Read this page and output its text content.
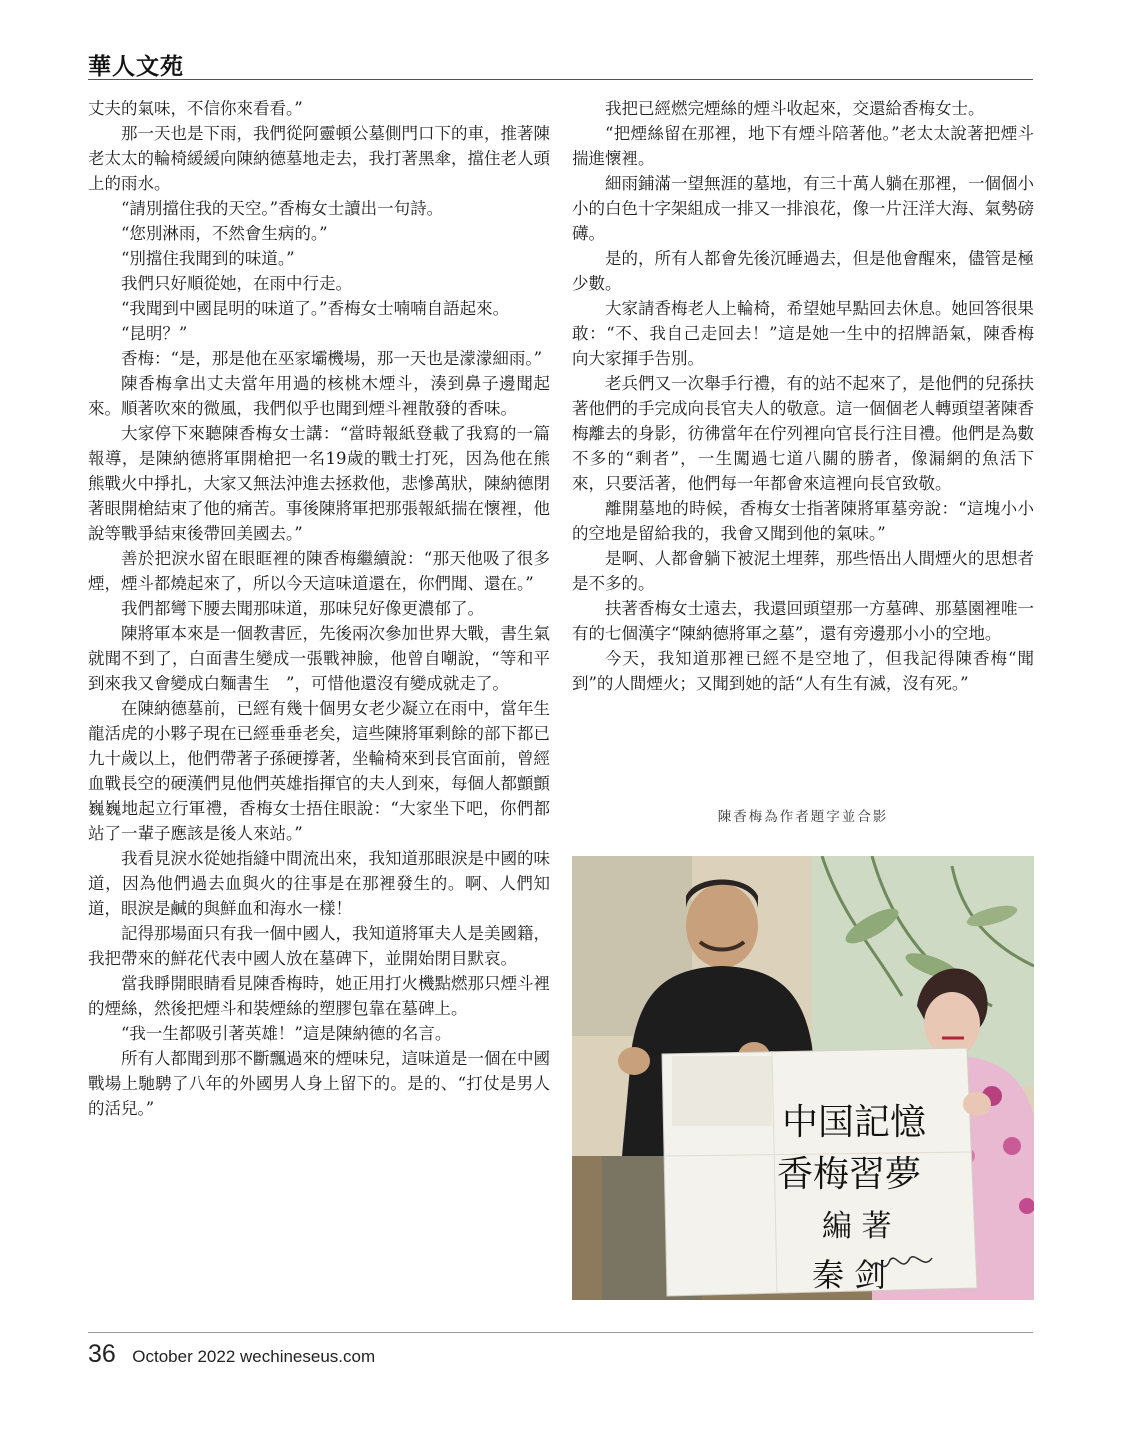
華人文苑

丈夫的氣味，不信你來看看。”

那一天也是下雨，我們從阿靈頓公墓側門口下的車，推著陳老太太的輪椅緩緩向陳納德墓地走去，我打著黑傘，擋住老人頭上的雨水。

“請別擋住我的天空。”香梅女士讀出一句詩。

“您別淋雨，不然會生病的。”

“別擋住我聞到的味道。”

我們只好順從她，在雨中行走。

“我聞到中國昆明的味道了。”香梅女士喃喃自語起來。

“昆明？”

香梅：“是，那是他在巫家壩機場，那一天也是濛濛細雨。”

陳香梅拿出丈夫當年用過的核桃木煙斗，湊到鼻子邊聞起來。順著吹來的微風，我們似乎也聞到煙斗裡散發的香味。

大家停下來聽陳香梅女士講：“當時報紙登載了我寫的一篇報導，是陳納德將軍開槍把一名19歲的戰士打死，因為他在熊熊戰火中掙扎，大家又無法沖進去拯救他，悲慘萬狀，陳納德閉著眼開槍結束了他的痛苦。事後陳將軍把那張報紙揣在懷裡，他說等戰爭結束後帶回美國去。”

善於把淚水留在眼眶裡的陳香梅繼續說：“那天他吸了很多煙，煙斗都燒起來了，所以今天這味道還在，你們聞、還在。”

我們都彎下腰去聞那味道，那味兒好像更濃郁了。

陳將軍本來是一個教書匠，先後兩次參加世界大戰，書生氣就聞不到了，白面書生變成一張戰神臉，他曾自嘲說，“等和平到來我又會變成白麵書生　”，可惜他還沒有變成就走了。

在陳納德墓前，已經有幾十個男女老少凝立在雨中，當年生龍活虎的小夥子現在已經垂垂老矣，這些陳將軍剩餘的部下都已九十歲以上，他們帶著子孫硬撐著，坐輪椅來到長官面前，曾經血戰長空的硬漢們見他們英雄指揮官的夫人到來，每個人都顫顫巍巍地起立行軍禮，香梅女士捂住眼說：“大家坐下吧，你們都站了一輩子應該是後人來站。”

我看見淚水從她指縫中間流出來，我知道那眼淚是中國的味道，因為他們過去血與火的往事是在那裡發生的。啊、人們知道，眼淚是鹹的與鮮血和海水一樣！

記得那場面只有我一個中國人，我知道將軍夫人是美國籍，我把帶來的鮮花代表中國人放在墓碑下，並開始閉目默哀。

當我睜開眼睛看見陳香梅時，她正用打火機點燃那只煙斗裡的煙絲，然後把煙斗和裝煙絲的塑膠包靠在墓碑上。

“我一生都吸引著英雄！”這是陳納德的名言。

所有人都聞到那不斷飄過來的煙味兒，這味道是一個在中國戰場上馳騁了八年的外國男人身上留下的。是的、“打仗是男人的活兒。”

我把已經燃完煙絲的煙斗收起來，交還給香梅女士。

“把煙絲留在那裡，地下有煙斗陪著他。”老太太說著把煙斗揣進懷裡。

細雨鋪滿一望無涯的墓地，有三十萬人躺在那裡，一個個小小的白色十字架組成一排又一排浪花，像一片汪洋大海、氣勢磅礡。

是的，所有人都會先後沉睡過去，但是他會醒來，儘管是極少數。

大家請香梅老人上輪椅，希望她早點回去休息。她回答很果敢：“不、我自己走回去！”這是她一生中的招牌語氣，陳香梅向大家揮手告別。

老兵們又一次舉手行禮，有的站不起來了，是他們的兒孫扶著他們的手完成向長官夫人的敬意。這一個個老人轉頭望著陳香梅離去的身影，彷彿當年在佇列裡向官長行注目禮。他們是為數不多的“剩者”，一生闖過七道八關的勝者，像漏網的魚活下來，只要活著，他們每一年都會來這裡向長官致敬。

離開墓地的時候，香梅女士指著陳將軍墓旁說：“這塊小小的空地是留給我的，我會又聞到他的氣味。”

是啊、人都會躺下被泥土埋葬，那些悟出人間煙火的思想者是不多的。

扶著香梅女士遠去，我還回頭望那一方墓碑、那墓園裡唯一有的七個漢字“陳納德將軍之墓”，還有旁邊那小小的空地。

今天，我知道那裡已經不是空地了，但我記得陳香梅“聞到”的人間煙火；又聞到她的話“人有生有滅，沒有死。”

陳香梅為作者題字並合影
中国記憶
香梅習夢
編 著
秦 剑
36 October 2022 wechineseus.com
